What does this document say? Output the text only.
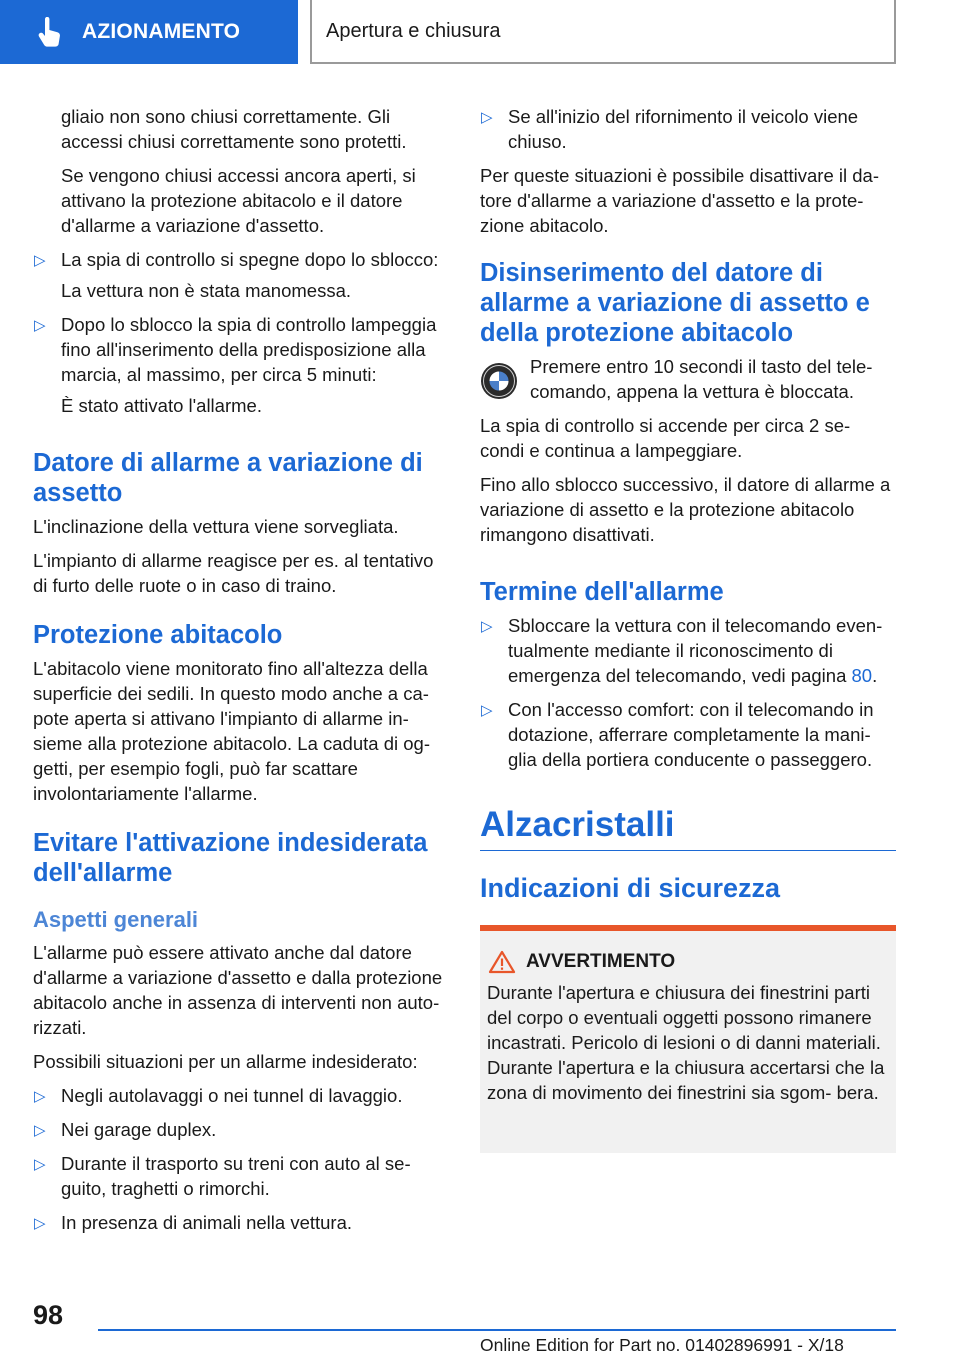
AZIONAMENTO	Apertura e chiusura

gliaio non sono chiusi correttamente. Gli accessi chiusi correttamente sono protetti.

Se vengono chiusi accessi ancora aperti, si attivano la protezione abitacolo e il datore d'allarme a variazione d'assetto.

▷ La spia di controllo si spegne dopo lo sblocco:

La vettura non è stata manomessa.

▷ Dopo lo sblocco la spia di controllo lampeggia fino all'inserimento della predisposizione alla marcia, al massimo, per circa 5 minuti:

È stato attivato l'allarme.

Datore di allarme a variazione di assetto

L'inclinazione della vettura viene sorvegliata.

L'impianto di allarme reagisce per es. al tentativo di furto delle ruote o in caso di traino.

Protezione abitacolo

L'abitacolo viene monitorato fino all'altezza della superficie dei sedili. In questo modo anche a ca‐ pote aperta si attivano l'impianto di allarme in‐ sieme alla protezione abitacolo. La caduta di og‐ getti, per esempio fogli, può far scattare involontariamente l'allarme.

Evitare l'attivazione indesiderata dell'allarme
Aspetti generali

L'allarme può essere attivato anche dal datore d'allarme a variazione d'assetto e dalla protezione abitacolo anche in assenza di interventi non auto‐ rizzati.

Possibili situazioni per un allarme indesiderato:

▷ Negli autolavaggi o nei tunnel di lavaggio.

▷ Nei garage duplex.

▷ Durante il trasporto su treni con auto al se‐ guito, traghetti o rimorchi.

▷ In presenza di animali nella vettura.

▷ Se all'inizio del rifornimento il veicolo viene chiuso.

Per queste situazioni è possibile disattivare il da‐ tore d'allarme a variazione d'assetto e la prote‐ zione abitacolo.

Disinserimento del datore di allarme a variazione di assetto e della protezione abitacolo

Premere entro 10 secondi il tasto del tele‐ comando, appena la vettura è bloccata.

La spia di controllo si accende per circa 2 se‐ condi e continua a lampeggiare.

Fino allo sblocco successivo, il datore di allarme a variazione di assetto e la protezione abitacolo rimangono disattivati.

Termine dell'allarme
▷ Sbloccare la vettura con il telecomando even‐ tualmente mediante il riconoscimento di emergenza del telecomando, vedi pagina 80.

▷ Con l'accesso comfort: con il telecomando in dotazione, afferrare completamente la mani‐ glia della portiera conducente o passeggero.

Alzacristalli
Indicazioni di sicurezza
AVVERTIMENTO

Durante l'apertura e chiusura dei finestrini parti del corpo o eventuali oggetti possono rimanere incastrati. Pericolo di lesioni o di danni materiali. Durante l'apertura e la chiusura accertarsi che la zona di movimento dei finestrini sia sgom‐ bera.

98
Online Edition for Part no. 01402896991 - X/18
